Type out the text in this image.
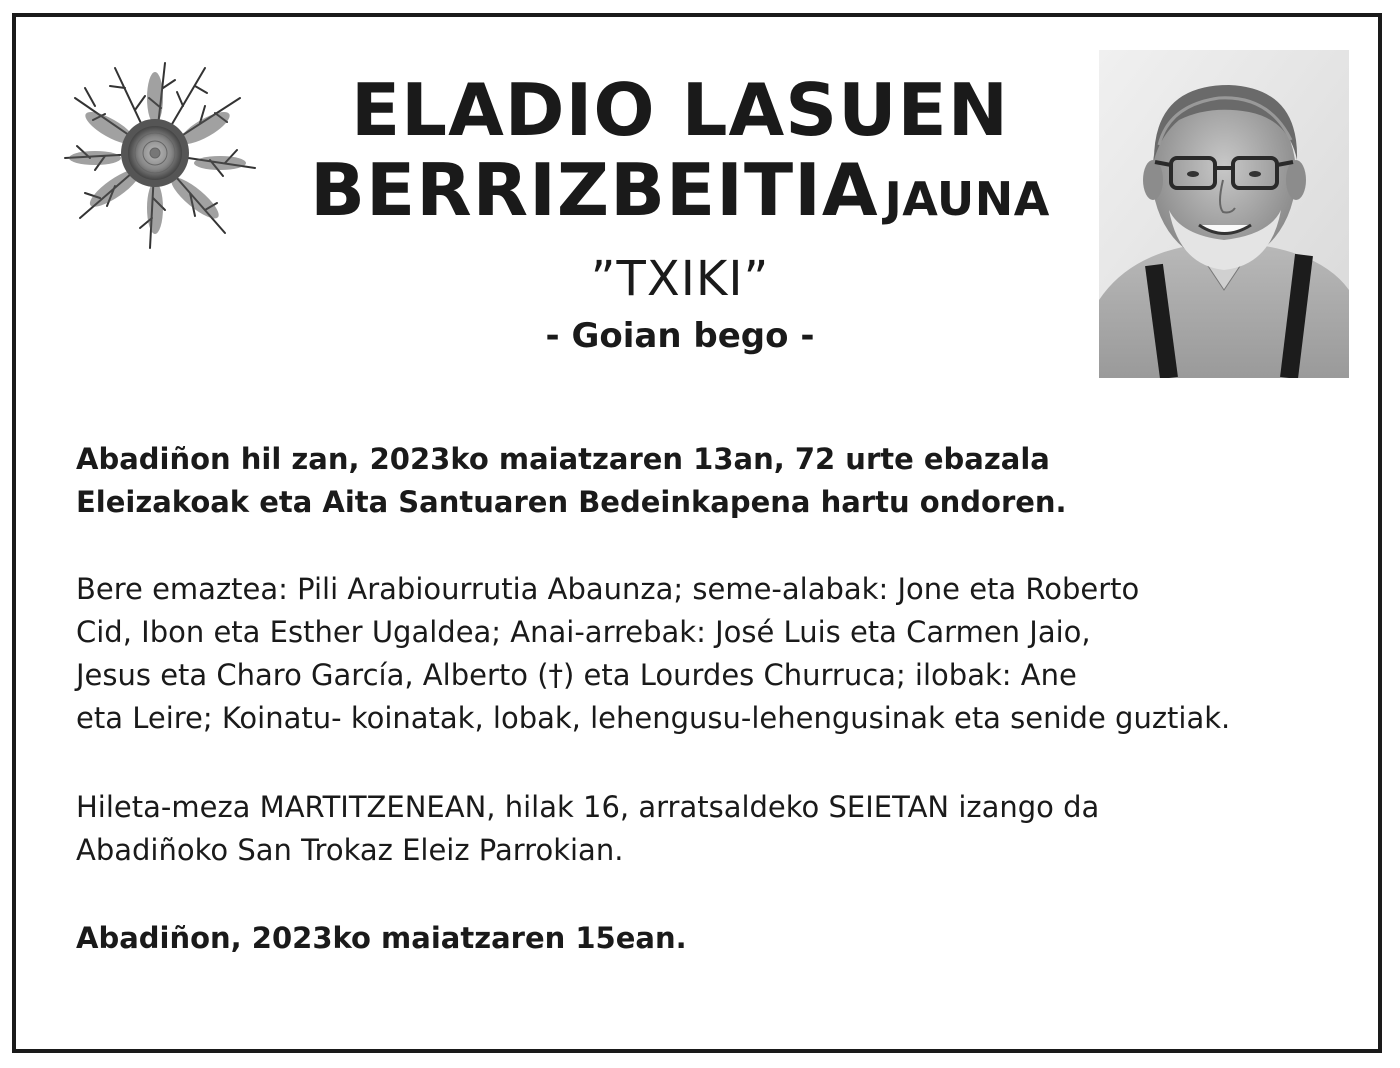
ELADIO LASUEN
BERRIZBEITIA JAUNA
”TXIKI”
- Goian bego -
Abadiñon hil zan, 2023ko maiatzaren 13an, 72 urte ebazala
Eleizakoak eta Aita Santuaren Bedeinkapena hartu ondoren.
Bere emaztea: Pili Arabiourrutia Abaunza; seme-alabak: Jone eta Roberto
Cid, Ibon eta Esther Ugaldea; Anai-arrebak: José Luis eta Carmen Jaio,
Jesus eta Charo García, Alberto (†) eta Lourdes Churruca; ilobak: Ane
eta Leire; Koinatu- koinatak, lobak, lehengusu-lehengusinak eta senide guztiak.
Hileta-meza MARTITZENEAN, hilak 16, arratsaldeko SEIETAN izango da
Abadiñoko San Trokaz Eleiz Parrokian.
Abadiñon, 2023ko maiatzaren 15ean.
